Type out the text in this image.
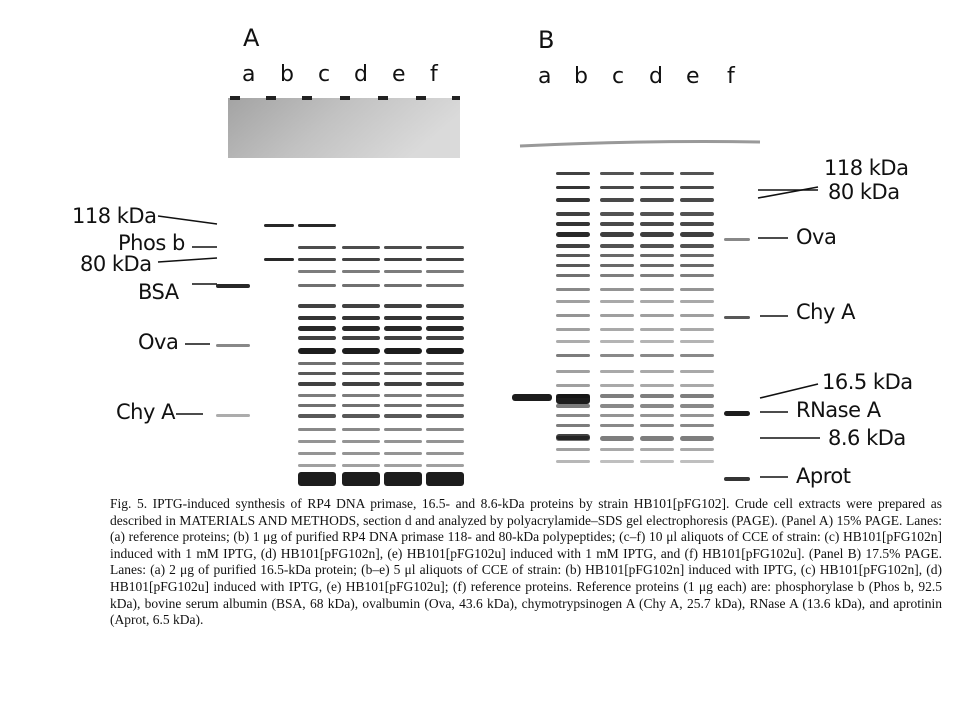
A	B
a b c d e f	a b c d e f
118 kDa
Phos b
80 kDa
BSA
Ova
Chy A
118 kDa
80 kDa
Ova
Chy A
16.5 kDa
RNase A
8.6 kDa
Aprot

Fig. 5. IPTG-induced synthesis of RP4 DNA primase, 16.5- and 8.6-kDa proteins by strain HB101[pFG102]. Crude cell extracts were prepared as described in MATERIALS AND METHODS, section d and analyzed by polyacrylamide–SDS gel electrophoresis (PAGE). (Panel A) 15% PAGE. Lanes: (a) reference proteins; (b) 1 μg of purified RP4 DNA primase 118- and 80-kDa polypeptides; (c–f) 10 μl aliquots of CCE of strain: (c) HB101[pFG102n] induced with 1 mM IPTG, (d) HB101[pFG102n], (e) HB101[pFG102u] induced with 1 mM IPTG, and (f) HB101[pFG102u]. (Panel B) 17.5% PAGE. Lanes: (a) 2 μg of purified 16.5-kDa protein; (b–e) 5 μl aliquots of CCE of strain: (b) HB101[pFG102n] induced with IPTG, (c) HB101[pFG102n], (d) HB101[pFG102u] induced with IPTG, (e) HB101[pFG102u]; (f) reference proteins. Reference proteins (1 μg each) are: phosphorylase b (Phos b, 92.5 kDa), bovine serum albumin (BSA, 68 kDa), ovalbumin (Ova, 43.6 kDa), chymotrypsinogen A (Chy A, 25.7 kDa), RNase A (13.6 kDa), and aprotinin (Aprot, 6.5 kDa).
